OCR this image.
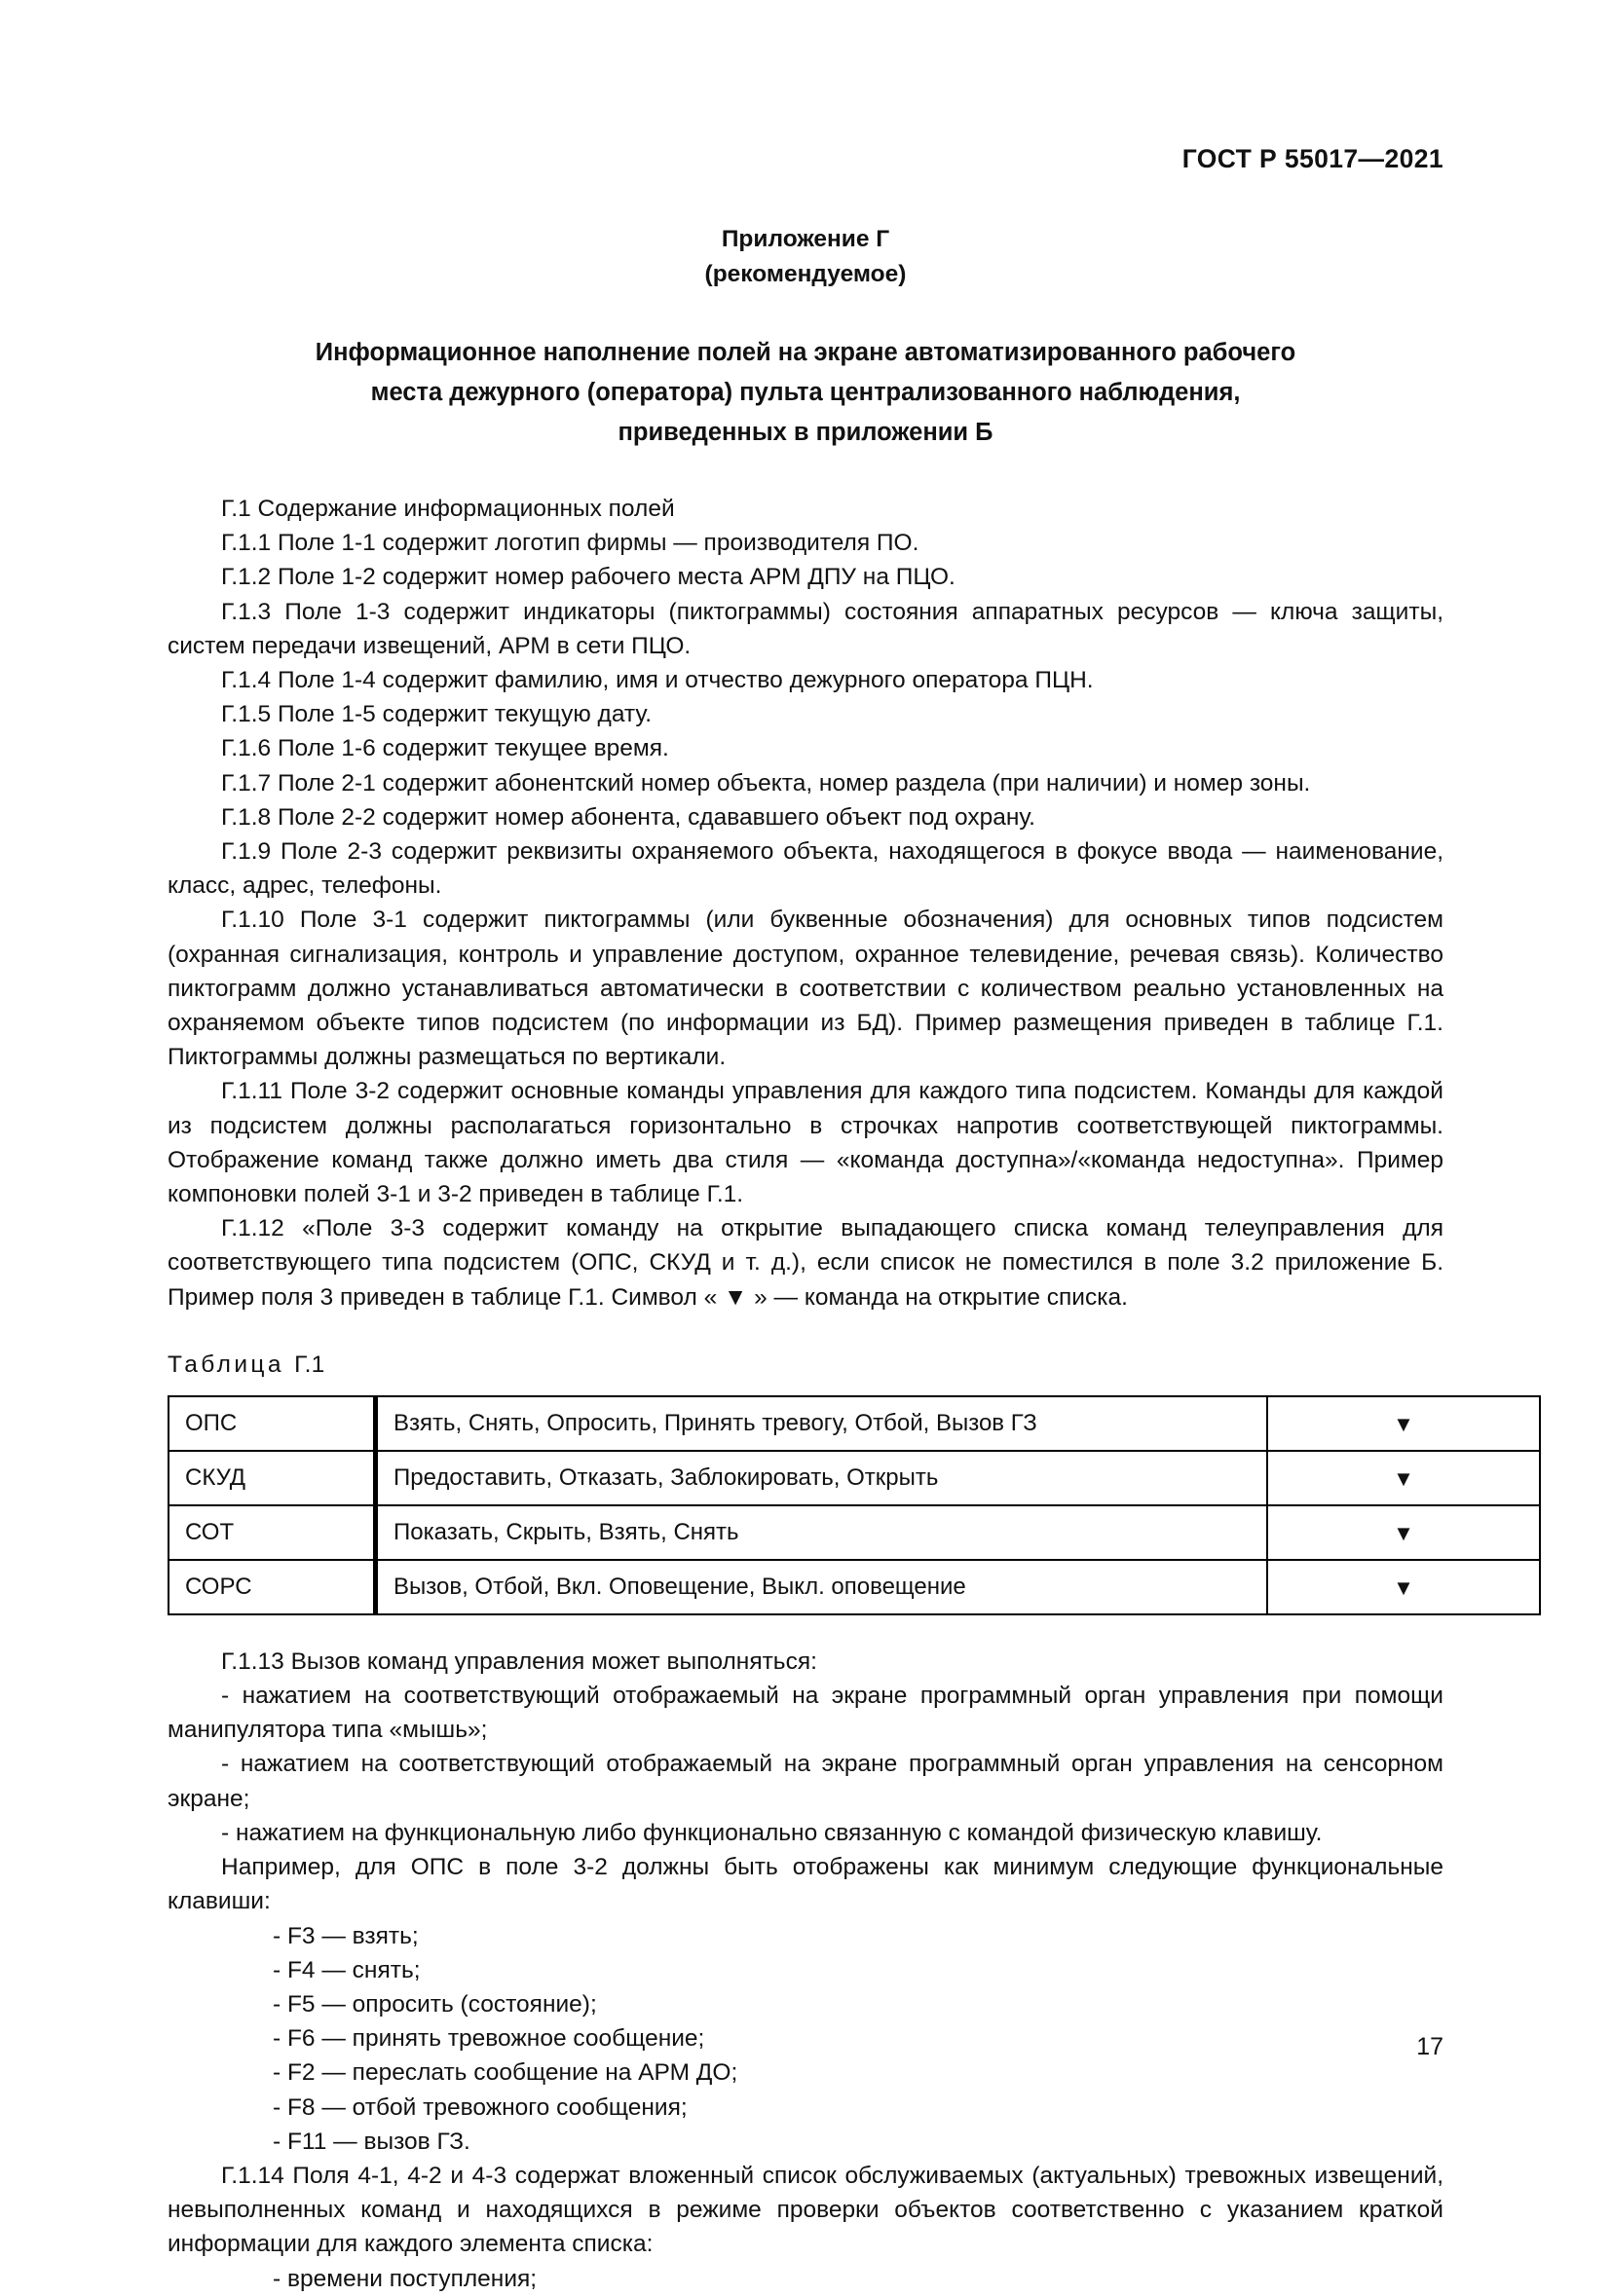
ГОСТ Р 55017—2021
Приложение Г
(рекомендуемое)
Информационное наполнение полей на экране автоматизированного рабочего
места дежурного (оператора) пульта централизованного наблюдения,
приведенных в приложении Б

Г.1 Содержание информационных полей

Г.1.1 Поле 1-1 содержит логотип фирмы — производителя ПО.

Г.1.2 Поле 1-2 содержит номер рабочего места АРМ ДПУ на ПЦО.

Г.1.3 Поле 1-3 содержит индикаторы (пиктограммы) состояния аппаратных ресурсов — ключа защиты, систем передачи извещений, АРМ в сети ПЦО.

Г.1.4 Поле 1-4 содержит фамилию, имя и отчество дежурного оператора ПЦН.

Г.1.5 Поле 1-5 содержит текущую дату.

Г.1.6 Поле 1-6 содержит текущее время.

Г.1.7 Поле 2-1 содержит абонентский номер объекта, номер раздела (при наличии) и номер зоны.

Г.1.8 Поле 2-2 содержит номер абонента, сдававшего объект под охрану.

Г.1.9 Поле 2-3 содержит реквизиты охраняемого объекта, находящегося в фокусе ввода — наименование, класс, адрес, телефоны.

Г.1.10 Поле 3-1 содержит пиктограммы (или буквенные обозначения) для основных типов подсистем (охранная сигнализация, контроль и управление доступом, охранное телевидение, речевая связь). Количество пиктограмм должно устанавливаться автоматически в соответствии с количеством реально установленных на охраняемом объекте типов подсистем (по информации из БД). Пример размещения приведен в таблице Г.1. Пиктограммы должны размещаться по вертикали.

Г.1.11 Поле 3-2 содержит основные команды управления для каждого типа подсистем. Команды для каждой из подсистем должны располагаться горизонтально в строчках напротив соответствующей пиктограммы. Отображение команд также должно иметь два стиля — «команда доступна»/«команда недоступна». Пример компоновки полей 3-1 и 3-2 приведен в таблице Г.1.

Г.1.12 «Поле 3-3 содержит команду на открытие выпадающего списка команд телеуправления для соответствующего типа подсистем (ОПС, СКУД и т. д.), если список не поместился в поле 3.2 приложение Б. Пример поля 3 приведен в таблице Г.1. Символ « ▼ » — команда на открытие списка.

Таблица Г.1
ОПС	Взять, Снять, Опросить, Принять тревогу, Отбой, Вызов ГЗ	▼
СКУД	Предоставить, Отказать, Заблокировать, Открыть	▼
СОТ	Показать, Скрыть, Взять, Снять	▼
СОРС	Вызов, Отбой, Вкл. Оповещение, Выкл. оповещение	▼

Г.1.13 Вызов команд управления может выполняться:

- нажатием на соответствующий отображаемый на экране программный орган управления при помощи манипулятора типа «мышь»;

- нажатием на соответствующий отображаемый на экране программный орган управления на сенсорном экране;

- нажатием на функциональную либо функционально связанную с командой физическую клавишу.

Например, для ОПС в поле 3-2 должны быть отображены как минимум следующие функциональные клавиши:

- F3 — взять;

- F4 — снять;

- F5 — опросить (состояние);

- F6 — принять тревожное сообщение;

- F2 — переслать сообщение на АРМ ДО;

- F8 — отбой тревожного сообщения;

- F11 — вызов ГЗ.

Г.1.14 Поля 4-1, 4-2 и 4-3 содержат вложенный список обслуживаемых (актуальных) тревожных извещений, невыполненных команд и находящихся в режиме проверки объектов соответственно с указанием краткой информации для каждого элемента списка:

- времени поступления;

17
